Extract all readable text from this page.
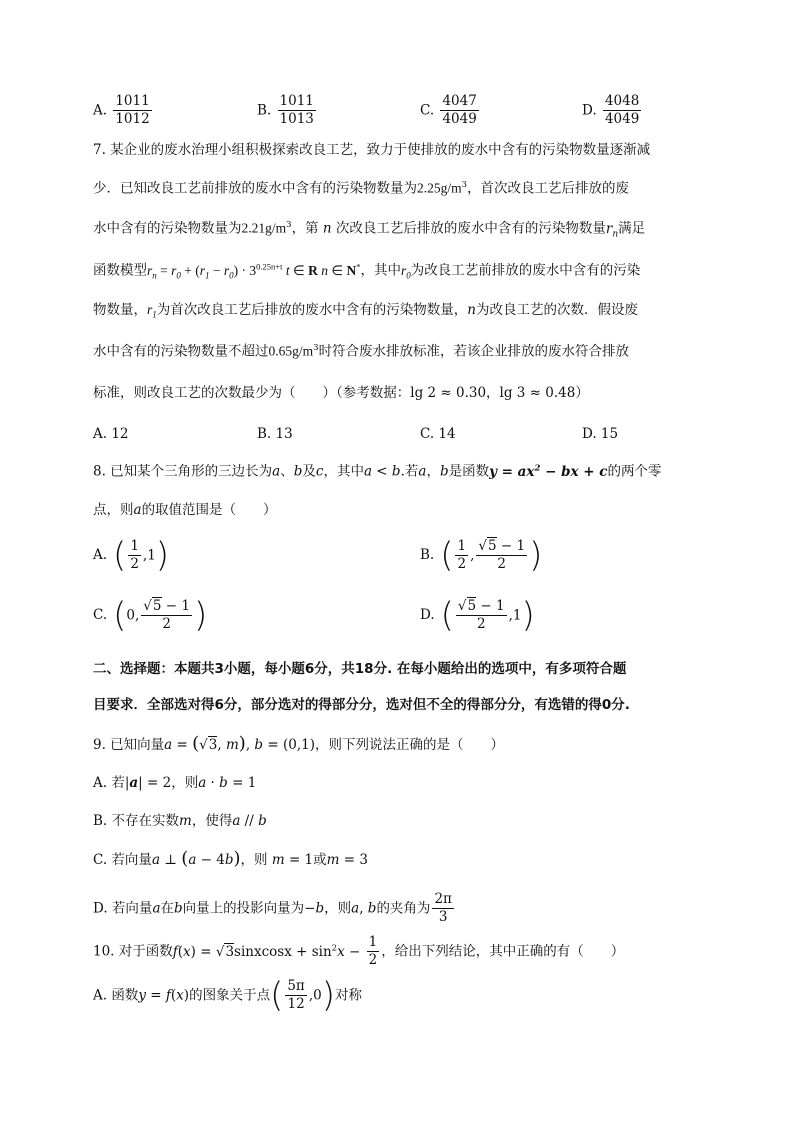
A. $\frac{1011}{1012}$	B. $\frac{1011}{1013}$	C. $\frac{4047}{4049}$	D. $\frac{4048}{4049}$
7. 某企业的废水治理小组积极探索改良工艺，致力于使排放的废水中含有的污染物数量逐渐减
少．已知改良工艺前排放的废水中含有的污染物数量为$2.25g/m^3$，首次改良工艺后排放的废
水中含有的污染物数量为$2.21g/m^3$，第 n 次改良工艺后排放的废水中含有的污染物数量$r_n$满足
函数模型$r_n = r_0 + (r_1 - r_0) \cdot 3^{0.25n+t}$ t ∈ R n ∈ N*，其中$r_0$为改良工艺前排放的废水中含有的污染
物数量，$r_1$为首次改良工艺后排放的废水中含有的污染物数量，n为改良工艺的次数．假设废
水中含有的污染物数量不超过$0.65g/m^3$时符合废水排放标准，若该企业排放的废水符合排放
标准，则改良工艺的次数最少为（　　）（参考数据：lg 2 ≈ 0.30，lg 3 ≈ 0.48）
A. 12	B. 13	C. 14	D. 15
8. 已知某个三角形的三边长为a、b及c，其中a < b.若a，b是函数$y = ax^2$ − bx + c的两个零
点，则a的取值范围是（　　）
A. ( $\frac{1}{2} ,1$)	B. ( $\frac{1}{2}$ , $\frac{√5 - 1}{2}$ )
C. (0, $\frac{√5 - 1}{2}$ )	D. ( $\frac{√5 - 1}{2} ,1$)
二、选择题：本题共3小题，每小题6分，共18分. 在每小题给出的选项中，有多项符合题
目要求．全部选对得6分，部分选对的得部分分，选对但不全的得部分分，有选错的得0分.
9. 已知向量a = (√3, m), b = (0,1)，则下列说法正确的是（　　）
A. 若|a| = 2，则a · b = 1
B. 不存在实数m，使得a // b
C. 若向量a ⊥ (a − 4b)，则 m = 1或m = 3
D. 若向量a在b向量上的投影向量为−b，则a, b的夹角为 $\frac{2\pi}{3}$
10. 对于函数f(x) = √3sinxcosx + $\sin^2x - \frac{1}{2}$ ，给出下列结论，其中正确的有（　　）
A. 函数y = f(x)的图象关于点( $\frac{5\pi}{12} ,0$)对称
